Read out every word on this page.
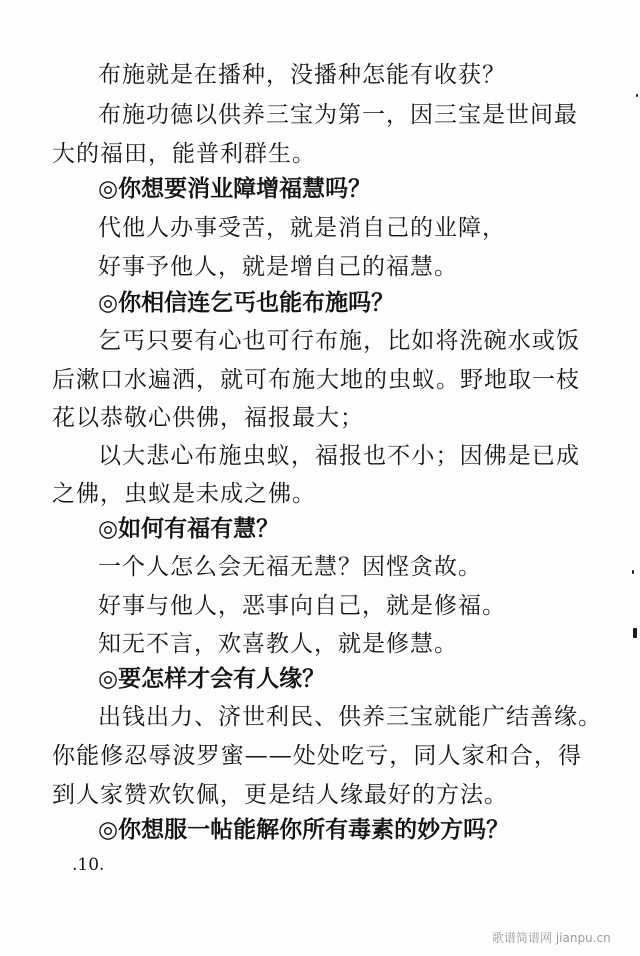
布施就是在播种，没播种怎能有收获？
布施功德以供养三宝为第一，因三宝是世间最
大的福田，能普利群生。
◎你想要消业障增福慧吗？
代他人办事受苦，就是消自己的业障，
好事予他人，就是增自己的福慧。
◎你相信连乞丐也能布施吗？
乞丐只要有心也可行布施，比如将洗碗水或饭
后漱口水遍洒，就可布施大地的虫蚁。野地取一枝
花以恭敬心供佛，福报最大；
以大悲心布施虫蚁，福报也不小；因佛是已成
之佛，虫蚁是未成之佛。
◎如何有福有慧？
一个人怎么会无福无慧？因悭贪故。
好事与他人，恶事向自己，就是修福。
知无不言，欢喜教人，就是修慧。
◎要怎样才会有人缘？
出钱出力、济世利民、供养三宝就能广结善缘。
你能修忍辱波罗蜜——处处吃亏，同人家和合，得
到人家赞欢钦佩，更是结人缘最好的方法。
◎你想服一帖能解你所有毒素的妙方吗？
.10.
歌谱简谱网 jianpu.cn
